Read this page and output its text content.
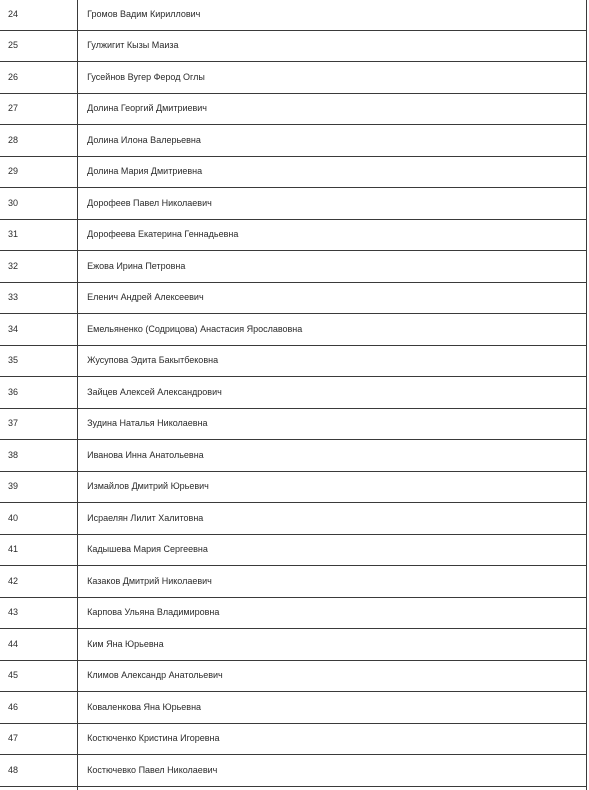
24	Громов Вадим Кириллович
25	Гулжигит Кызы Маиза
26	Гусейнов Вугер Феpод Оглы
27	Долина Георгий Дмитриевич
28	Долина Илона Валерьевна
29	Долина Мария Дмитриевна
30	Дорофеев Павел Николаевич
31	Дорофеева Екатерина Геннадьевна
32	Ежова Ирина Петровна
33	Еленич Андрей Алексеевич
34	Емельяненко (Содрицова) Анастасия Ярославовна
35	Жусупова Эдита Бакытбековна
36	Зайцев Алексей Александрович
37	Зудина Наталья Николаевна
38	Иванова Инна Анатольевна
39	Измайлов Дмитрий Юрьевич
40	Исраелян Лилит Халитовна
41	Кадышева Мария Сергеевна
42	Казаков Дмитрий Николаевич
43	Карпова Ульяна Владимировна
44	Ким Яна Юрьевна
45	Климов Александр Анатольевич
46	Коваленкова Яна Юрьевна
47	Костюченко Кристина Игоревна
48	Костючевко Павел Николаевич
